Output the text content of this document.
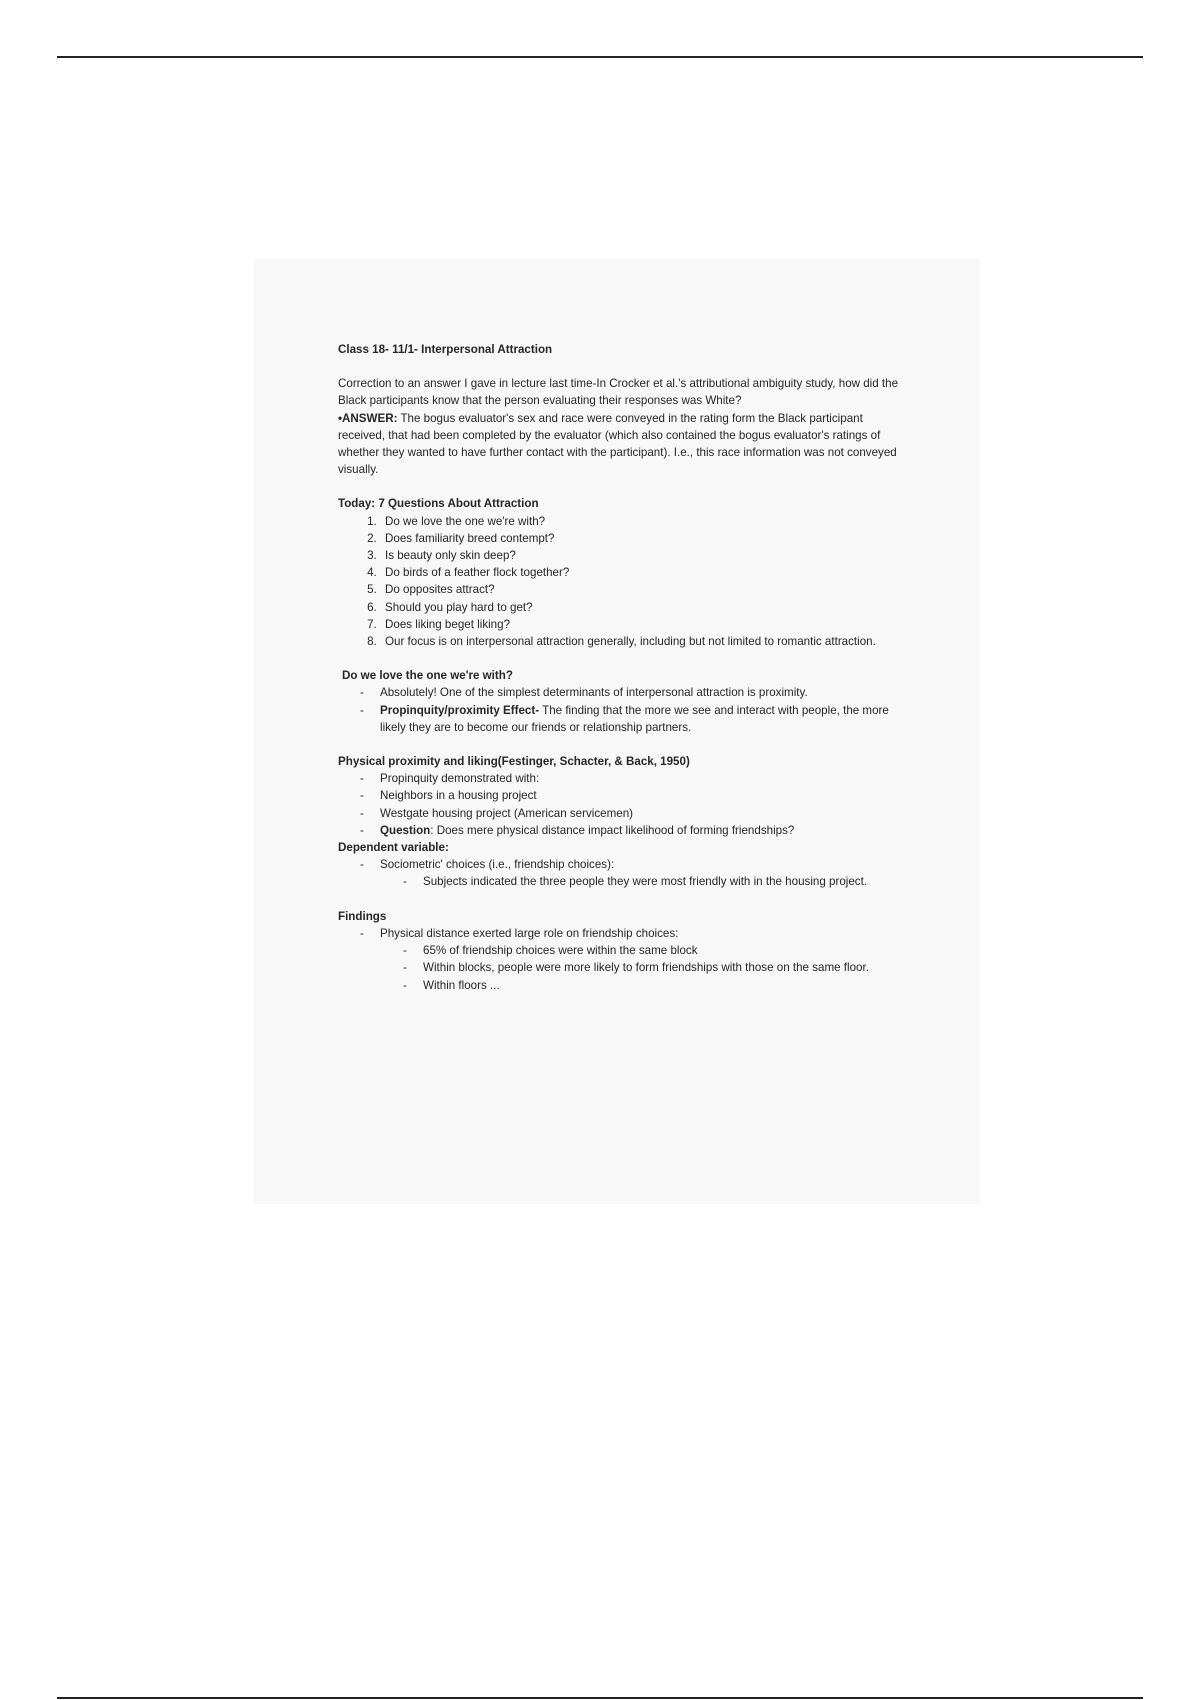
Class 18- 11/1- Interpersonal Attraction

Correction to an answer I gave in lecture last time-In Crocker et al.'s attributional ambiguity study, how did the Black participants know that the person evaluating their responses was White?

•ANSWER: The bogus evaluator's sex and race were conveyed in the rating form the Black participant received, that had been completed by the evaluator (which also contained the bogus evaluator's ratings of whether they wanted to have further contact with the participant). I.e., this race information was not conveyed visually.

Today: 7 Questions About Attraction

1. Do we love the one we're with?
2. Does familiarity breed contempt?
3. Is beauty only skin deep?
4. Do birds of a feather flock together?
5. Do opposites attract?
6. Should you play hard to get?
7. Does liking beget liking?
8. Our focus is on interpersonal attraction generally, including but not limited to romantic attraction.

Do we love the one we're with?

- Absolutely! One of the simplest determinants of interpersonal attraction is proximity.
- Propinquity/proximity Effect- The finding that the more we see and interact with people, the more likely they are to become our friends or relationship partners.

Physical proximity and liking(Festinger, Schacter, & Back, 1950)

- Propinquity demonstrated with:
- Neighbors in a housing project
- Westgate housing project (American servicemen)
- Question: Does mere physical distance impact likelihood of forming friendships?

Dependent variable:

- Sociometric' choices (i.e., friendship choices):
- Subjects indicated the three people they were most friendly with in the housing project.

Findings

- Physical distance exerted large role on friendship choices:
- 65% of friendship choices were within the same block
- Within blocks, people were more likely to form friendships with those on the same floor.
- Within floors ...
